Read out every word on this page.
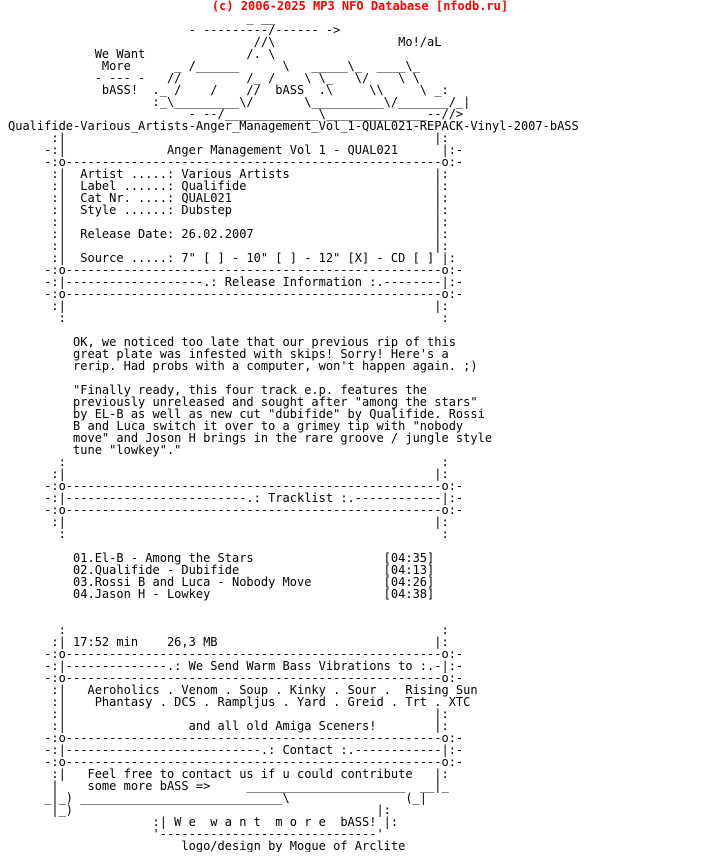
(c) 2006-2025 MP3 NFO Database [nfodb.ru]
_ __
- ---------/------ ->
//\                 Mo!/aL
We Want              /. \
More      _ /______      \   _____\_  ____\_
- --- -   //         /_ /    \ \_   \/    \ \
bASS!  ._ /    /    //  bASS  .\     \\     \ _:
:_\_________\/       \__________\/_______/_|
- --/_____________\______________--//>
Qualifide-Various_Artists-Anger_Management_Vol_1-QUAL021-REPACK-Vinyl-2007-bASS
:|                                                   |:
-:|              Anger Management Vol 1 - QUAL021      |:-
-:o----------------------------------------------------o:-
:|  Artist .....: Various Artists                    |:
:|  Label ......: Qualifide                          |:
:|  Cat Nr. ....: QUAL021                            |:
:|  Style ......: Dubstep                            |:
:|                                                   |:
:|  Release Date: 26.02.2007                         |:
:|                                                   |:
:|  Source .....: 7" [ ] - 10" [ ] - 12" [X] - CD [ ] |:
-:o----------------------------------------------------o:-
-:|-------------------.: Release Information :.--------|:-
-:o----------------------------------------------------o:-
:|                                                   |:
:                                                    :

OK, we noticed too late that our previous rip of this
great plate was infested with skips! Sorry! Here's a
rerip. Had probs with a computer, won't happen again. ;)

"Finally ready, this four track e.p. features the
previously unreleased and sought after "among the stars"
by EL-B as well as new cut "dubifide" by Qualifide. Rossi
B and Luca switch it over to a grimey tip with "nobody
move" and Joson H brings in the rare groove / jungle style
tune "lowkey"."
:                                                    :
:|                                                   |:
-:o----------------------------------------------------o:-
-:|-------------------------.: Tracklist :.------------|:-
-:o----------------------------------------------------o:-
:|                                                   |:
:                                                    :

01.El-B - Among the Stars                  [04:35]
02.Qualifide - Dubifide                    [04:13]
03.Rossi B and Luca - Nobody Move          [04:26]
04.Jason H - Lowkey                        [04:38]

:                                                    :
:| 17:52 min    26,3 MB                              |:
-:o----------------------------------------------------o:-
-:|--------------.: We Send Warm Bass Vibrations to :.-|:-
-:o----------------------------------------------------o:-
:|   Aeroholics . Venom . Soup . Kinky . Sour .  Rising Sun
:|    Phantasy . DCS . Rampljus . Yard . Greid . Trt . XTC
:|                                                   |:
:|                 and all old Amiga Sceners!        |:
-:o----------------------------------------------------o:-
-:|---------------------------.: Contact :.------------|:-
-:o----------------------------------------------------o:-
:|   Feel free to contact us if u could contribute   |:
|    some more bASS =>     ______________________  __|_
_|_) ____________________________\                (_|
|_)                                          |:
:| W e  w a n t  m o r e  bASS! |:
'------------------------------'
logo/design by Mogue of Arclite
